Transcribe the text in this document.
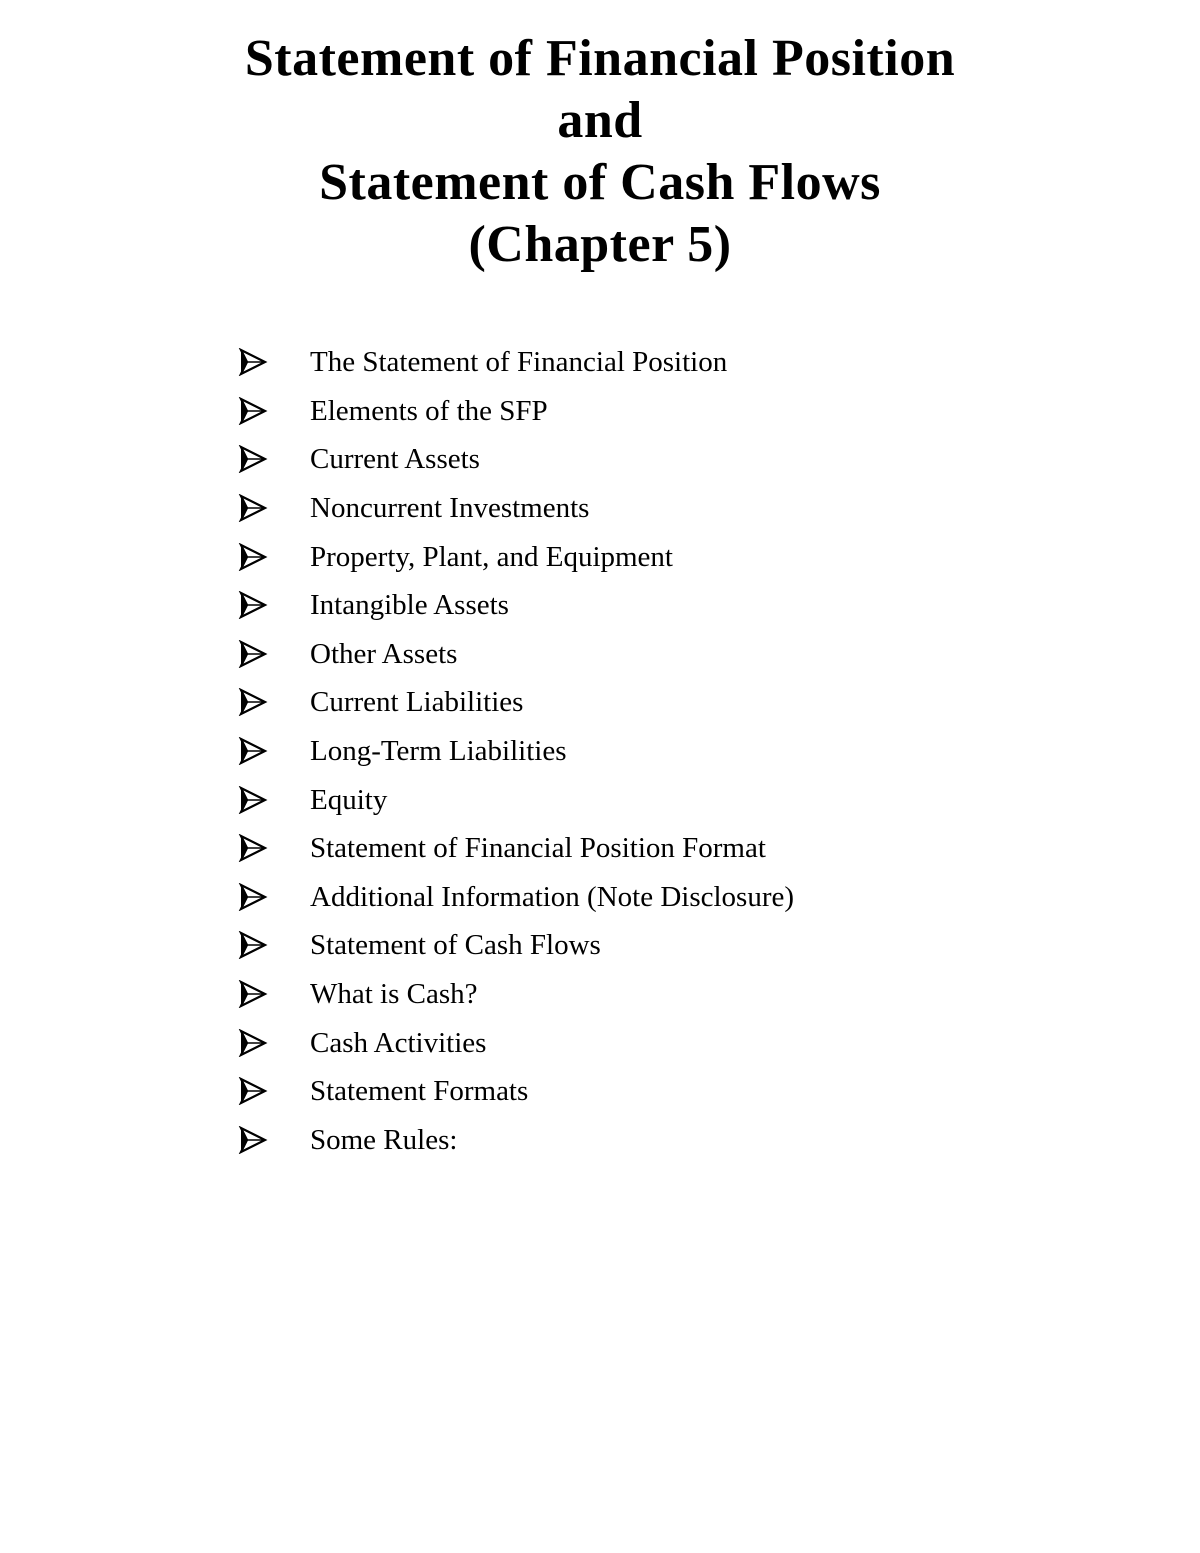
Statement of Financial Position
and
Statement of Cash Flows
(Chapter 5)
The Statement of Financial Position
Elements of the SFP
Current Assets
Noncurrent Investments
Property, Plant, and Equipment
Intangible Assets
Other Assets
Current Liabilities
Long-Term Liabilities
Equity
Statement of Financial Position Format
Additional Information (Note Disclosure)
Statement of Cash Flows
What is Cash?
Cash Activities
Statement Formats
Some Rules:
